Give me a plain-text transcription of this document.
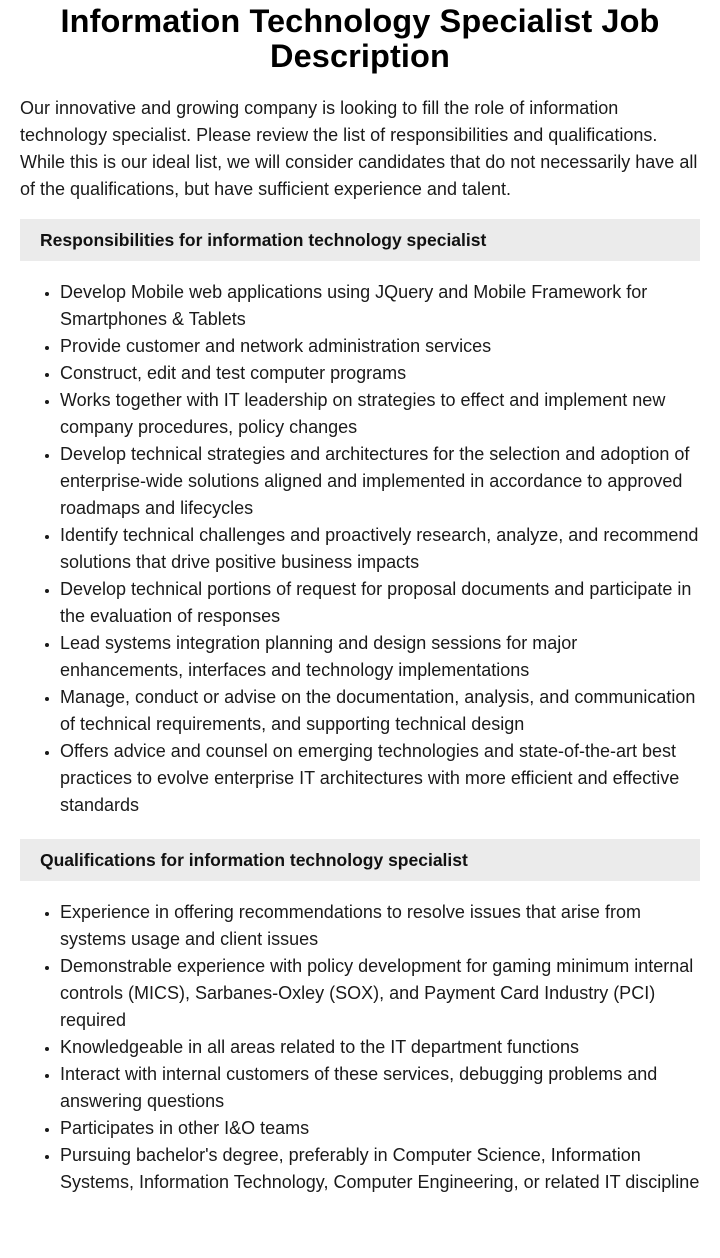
Information Technology Specialist Job Description

Our innovative and growing company is looking to fill the role of information technology specialist. Please review the list of responsibilities and qualifications. While this is our ideal list, we will consider candidates that do not necessarily have all of the qualifications, but have sufficient experience and talent.

Responsibilities for information technology specialist
• Develop Mobile web applications using JQuery and Mobile Framework for Smartphones & Tablets
• Provide customer and network administration services
• Construct, edit and test computer programs
• Works together with IT leadership on strategies to effect and implement new company procedures, policy changes
• Develop technical strategies and architectures for the selection and adoption of enterprise-wide solutions aligned and implemented in accordance to approved roadmaps and lifecycles
• Identify technical challenges and proactively research, analyze, and recommend solutions that drive positive business impacts
• Develop technical portions of request for proposal documents and participate in the evaluation of responses
• Lead systems integration planning and design sessions for major enhancements, interfaces and technology implementations
• Manage, conduct or advise on the documentation, analysis, and communication of technical requirements, and supporting technical design
• Offers advice and counsel on emerging technologies and state-of-the-art best practices to evolve enterprise IT architectures with more efficient and effective standards
Qualifications for information technology specialist
• Experience in offering recommendations to resolve issues that arise from systems usage and client issues
• Demonstrable experience with policy development for gaming minimum internal controls (MICS), Sarbanes-Oxley (SOX), and Payment Card Industry (PCI) required
• Knowledgeable in all areas related to the IT department functions
• Interact with internal customers of these services, debugging problems and answering questions
• Participates in other I&O teams
• Pursuing bachelor's degree, preferably in Computer Science, Information Systems, Information Technology, Computer Engineering, or related IT discipline
